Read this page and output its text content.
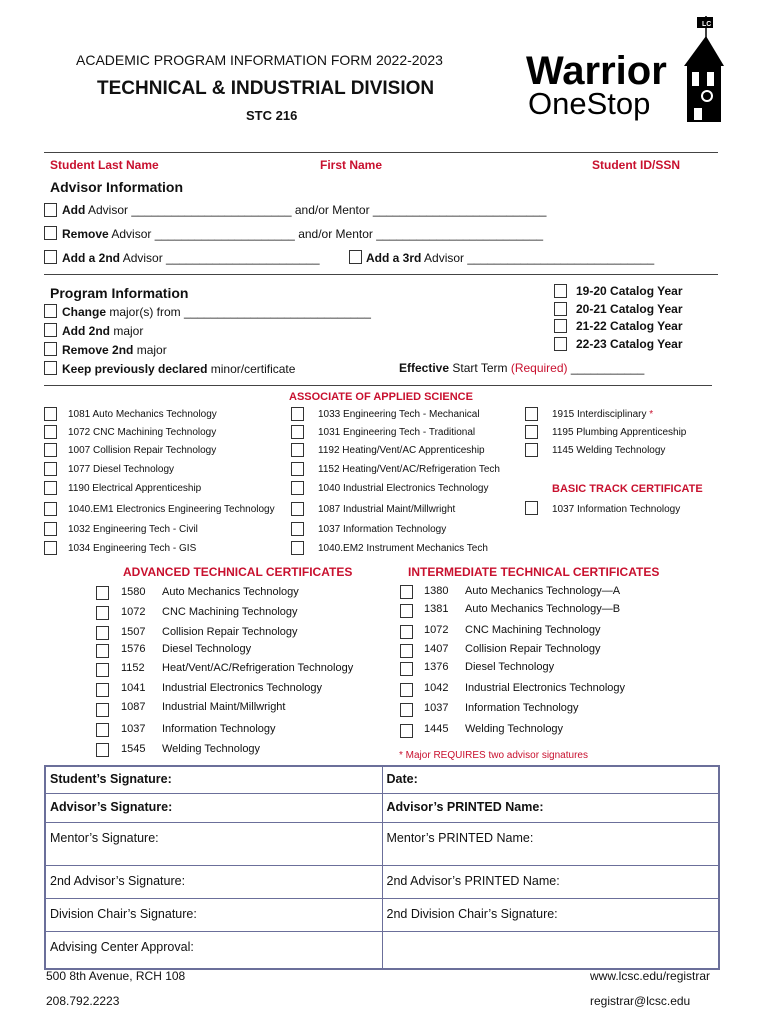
ACADEMIC PROGRAM INFORMATION FORM 2022-2023
TECHNICAL & INDUSTRIAL DIVISION
STC 216
LC
Warrior
OneStop
Student Last Name	First Name	Student ID/SSN
Advisor Information
Add Advisor ________________________ and/or Mentor __________________________
Remove Advisor _____________________ and/or Mentor _________________________
Add a 2nd Advisor _______________________	Add a 3rd Advisor ____________________________
Program Information
Change major(s) from ____________________________
Add 2nd major
Remove 2nd major
Keep previously declared minor/certificate	Effective Start Term (Required) ___________
19-20 Catalog Year
20-21 Catalog Year
21-22 Catalog Year
22-23 Catalog Year
ASSOCIATE OF APPLIED SCIENCE
1081 Auto Mechanics Technology
1072 CNC Machining Technology
1007 Collision Repair Technology
1077 Diesel Technology
1190 Electrical Apprenticeship
1040.EM1 Electronics Engineering Technology
1032 Engineering Tech - Civil
1034 Engineering Tech - GIS
1033 Engineering Tech - Mechanical
1031 Engineering Tech - Traditional
1192 Heating/Vent/AC Apprenticeship
1152 Heating/Vent/AC/Refrigeration Tech
1040 Industrial Electronics Technology
1087 Industrial Maint/Millwright
1037 Information Technology
1040.EM2 Instrument Mechanics Tech
1915 Interdisciplinary *
1195 Plumbing Apprenticeship
1145 Welding Technology
BASIC TRACK CERTIFICATE
1037 Information Technology
ADVANCED TECHNICAL CERTIFICATES	INTERMEDIATE TECHNICAL CERTIFICATES
1580 Auto Mechanics Technology
1072 CNC Machining Technology
1507 Collision Repair Technology
1576 Diesel Technology
1152 Heat/Vent/AC/Refrigeration Technology
1041 Industrial Electronics Technology
1087 Industrial Maint/Millwright
1037 Information Technology
1545 Welding Technology
1380 Auto Mechanics Technology—A
1381 Auto Mechanics Technology—B
1072 CNC Machining Technology
1407 Collision Repair Technology
1376 Diesel Technology
1042 Industrial Electronics Technology
1037 Information Technology
1445 Welding Technology
* Major REQUIRES two advisor signatures
Student’s Signature:	Date:
Advisor’s Signature:	Advisor’s PRINTED Name:
Mentor’s Signature:	Mentor’s PRINTED Name:
2nd Advisor’s Signature:	2nd Advisor’s PRINTED Name:
Division Chair’s Signature:	2nd Division Chair’s Signature:
Advising Center Approval:	
500 8th Avenue, RCH 108
208.792.2223
www.lcsc.edu/registrar
registrar@lcsc.edu
